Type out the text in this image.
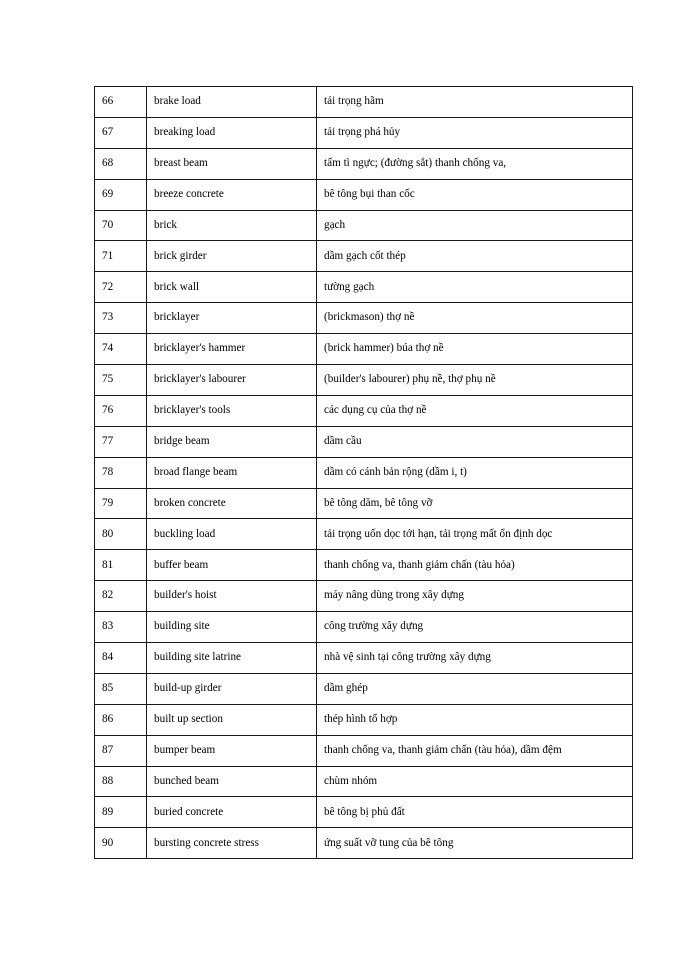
66	brake load	tải trọng hãm
67	breaking load	tải trọng phá hủy
68	breast beam	tấm tì ngực; (đường sắt) thanh chống va,
69	breeze concrete	bê tông bụi than cốc
70	brick	gạch
71	brick girder	dầm gạch cốt thép
72	brick wall	tường gạch
73	bricklayer	(brickmason) thợ nề
74	bricklayer's hammer	(brick hammer) búa thợ nề
75	bricklayer's labourer	(builder's labourer) phụ nề, thợ phụ nề
76	bricklayer's tools	các dụng cụ của thợ nề
77	bridge beam	dầm cầu
78	broad flange beam	dầm có cánh bản rộng (dầm i, t)
79	broken concrete	bê tông dăm, bê tông vỡ
80	buckling load	tải trọng uốn dọc tới hạn, tải trọng mất ổn định dọc
81	buffer beam	thanh chống va, thanh giảm chấn (tàu hỏa)
82	builder's hoist	máy nâng dùng trong xây dựng
83	building site	công trường xây dựng
84	building site latrine	nhà vệ sinh tại công trường xây dựng
85	build-up girder	dầm ghép
86	built up section	thép hình tổ hợp
87	bumper beam	thanh chống va, thanh giảm chấn (tàu hỏa), dầm đệm
88	bunched beam	chùm nhóm
89	buried concrete	bê tông bị phủ đất
90	bursting concrete stress	ứng suất vỡ tung của bê tông
